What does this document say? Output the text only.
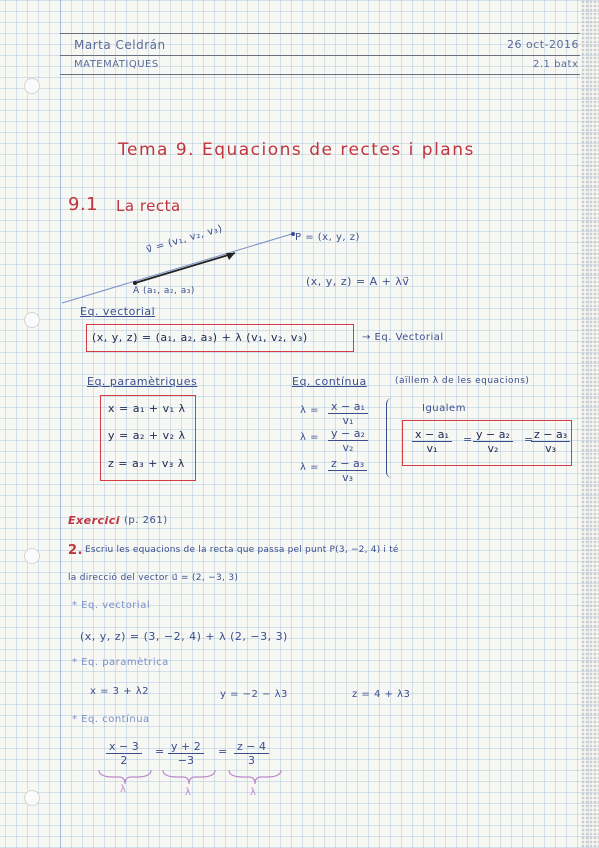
Marta Celdrán	26 oct-2016
MATEMÀTIQUES	2.1 batx
Tema 9. Equacions de rectes i plans
9.1 La recta
v⃗ = (v₁, v₂, v₃)	P = (x, y, z)
A (a₁, a₂, a₃)
(x, y, z) = A + λv⃗
Eq. vectorial
(x, y, z) = (a₁, a₂, a₃) + λ (v₁, v₂, v₃)	→ Eq. Vectorial
Eq. paramètriques
x = a₁ + v₁ λ
y = a₂ + v₂ λ
z = a₃ + v₃ λ
Eq. contínua	(aïllem λ de les equacions)
$\lambda = \frac{\text{x − a₁}}{\text{v₁}}$
$\lambda = \frac{\text{y − a₂}}{\text{v₂}}$
$\lambda = \frac{\text{z − a₃}}{\text{v₃}}$
Igualem
$\frac{\text{x − a₁}}{\text{v₁}} = \frac{\text{y − a₂}}{\text{v₂}}$ =
$\frac{\text{z − a₃}}{\text{v₃}}$
Exercici (p. 261)
2. Escriu les equacions de la recta que passa pel punt P(3, −2, 4) i té
la direcció del vector u⃗ = (2, −3, 3)
* Eq. vectorial
(x, y, z) = (3, −2, 4) + λ (2, −3, 3)
* Eq. paramètrica
x = 3 + λ2	y = −2 − λ3	z = 4 + λ3
* Eq. contínua
$\frac{x - 3}{2} = \frac{y + 2}{-3} = \frac{z - 4}{3}$
λ	λ	λ
